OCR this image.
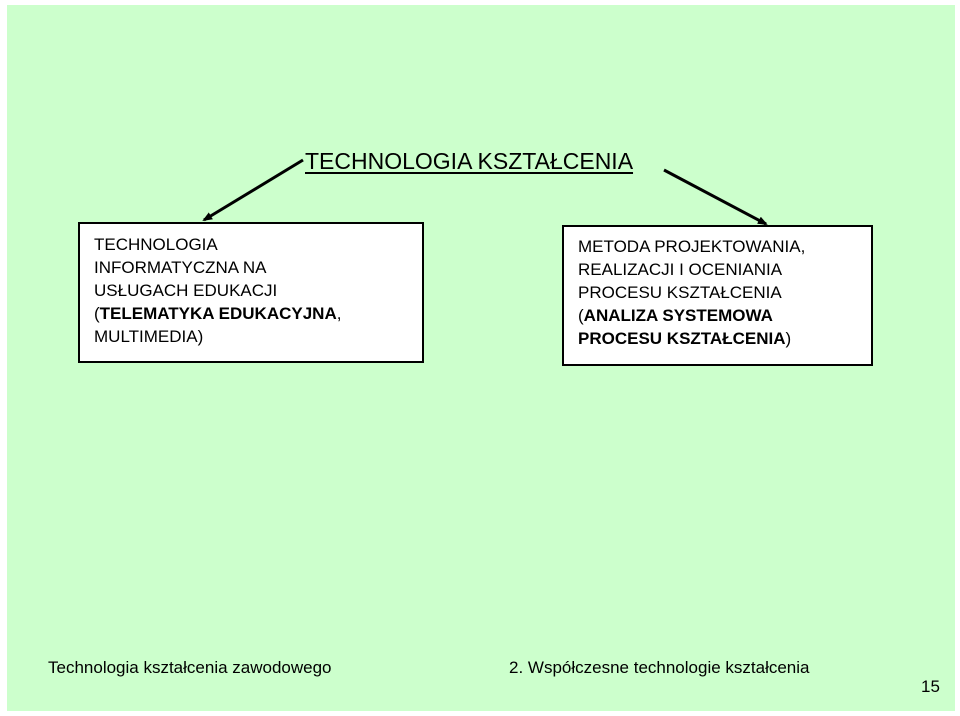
TECHNOLOGIA KSZTAŁCENIA
TECHNOLOGIA
INFORMATYCZNA NA
USŁUGACH EDUKACJI
(TELEMATYKA EDUKACYJNA,
MULTIMEDIA)
METODA PROJEKTOWANIA,
REALIZACJI I OCENIANIA
PROCESU KSZTAŁCENIA
(ANALIZA SYSTEMOWA
PROCESU KSZTAŁCENIA)
Technologia kształcenia zawodowego	2. Współczesne technologie kształcenia
15
